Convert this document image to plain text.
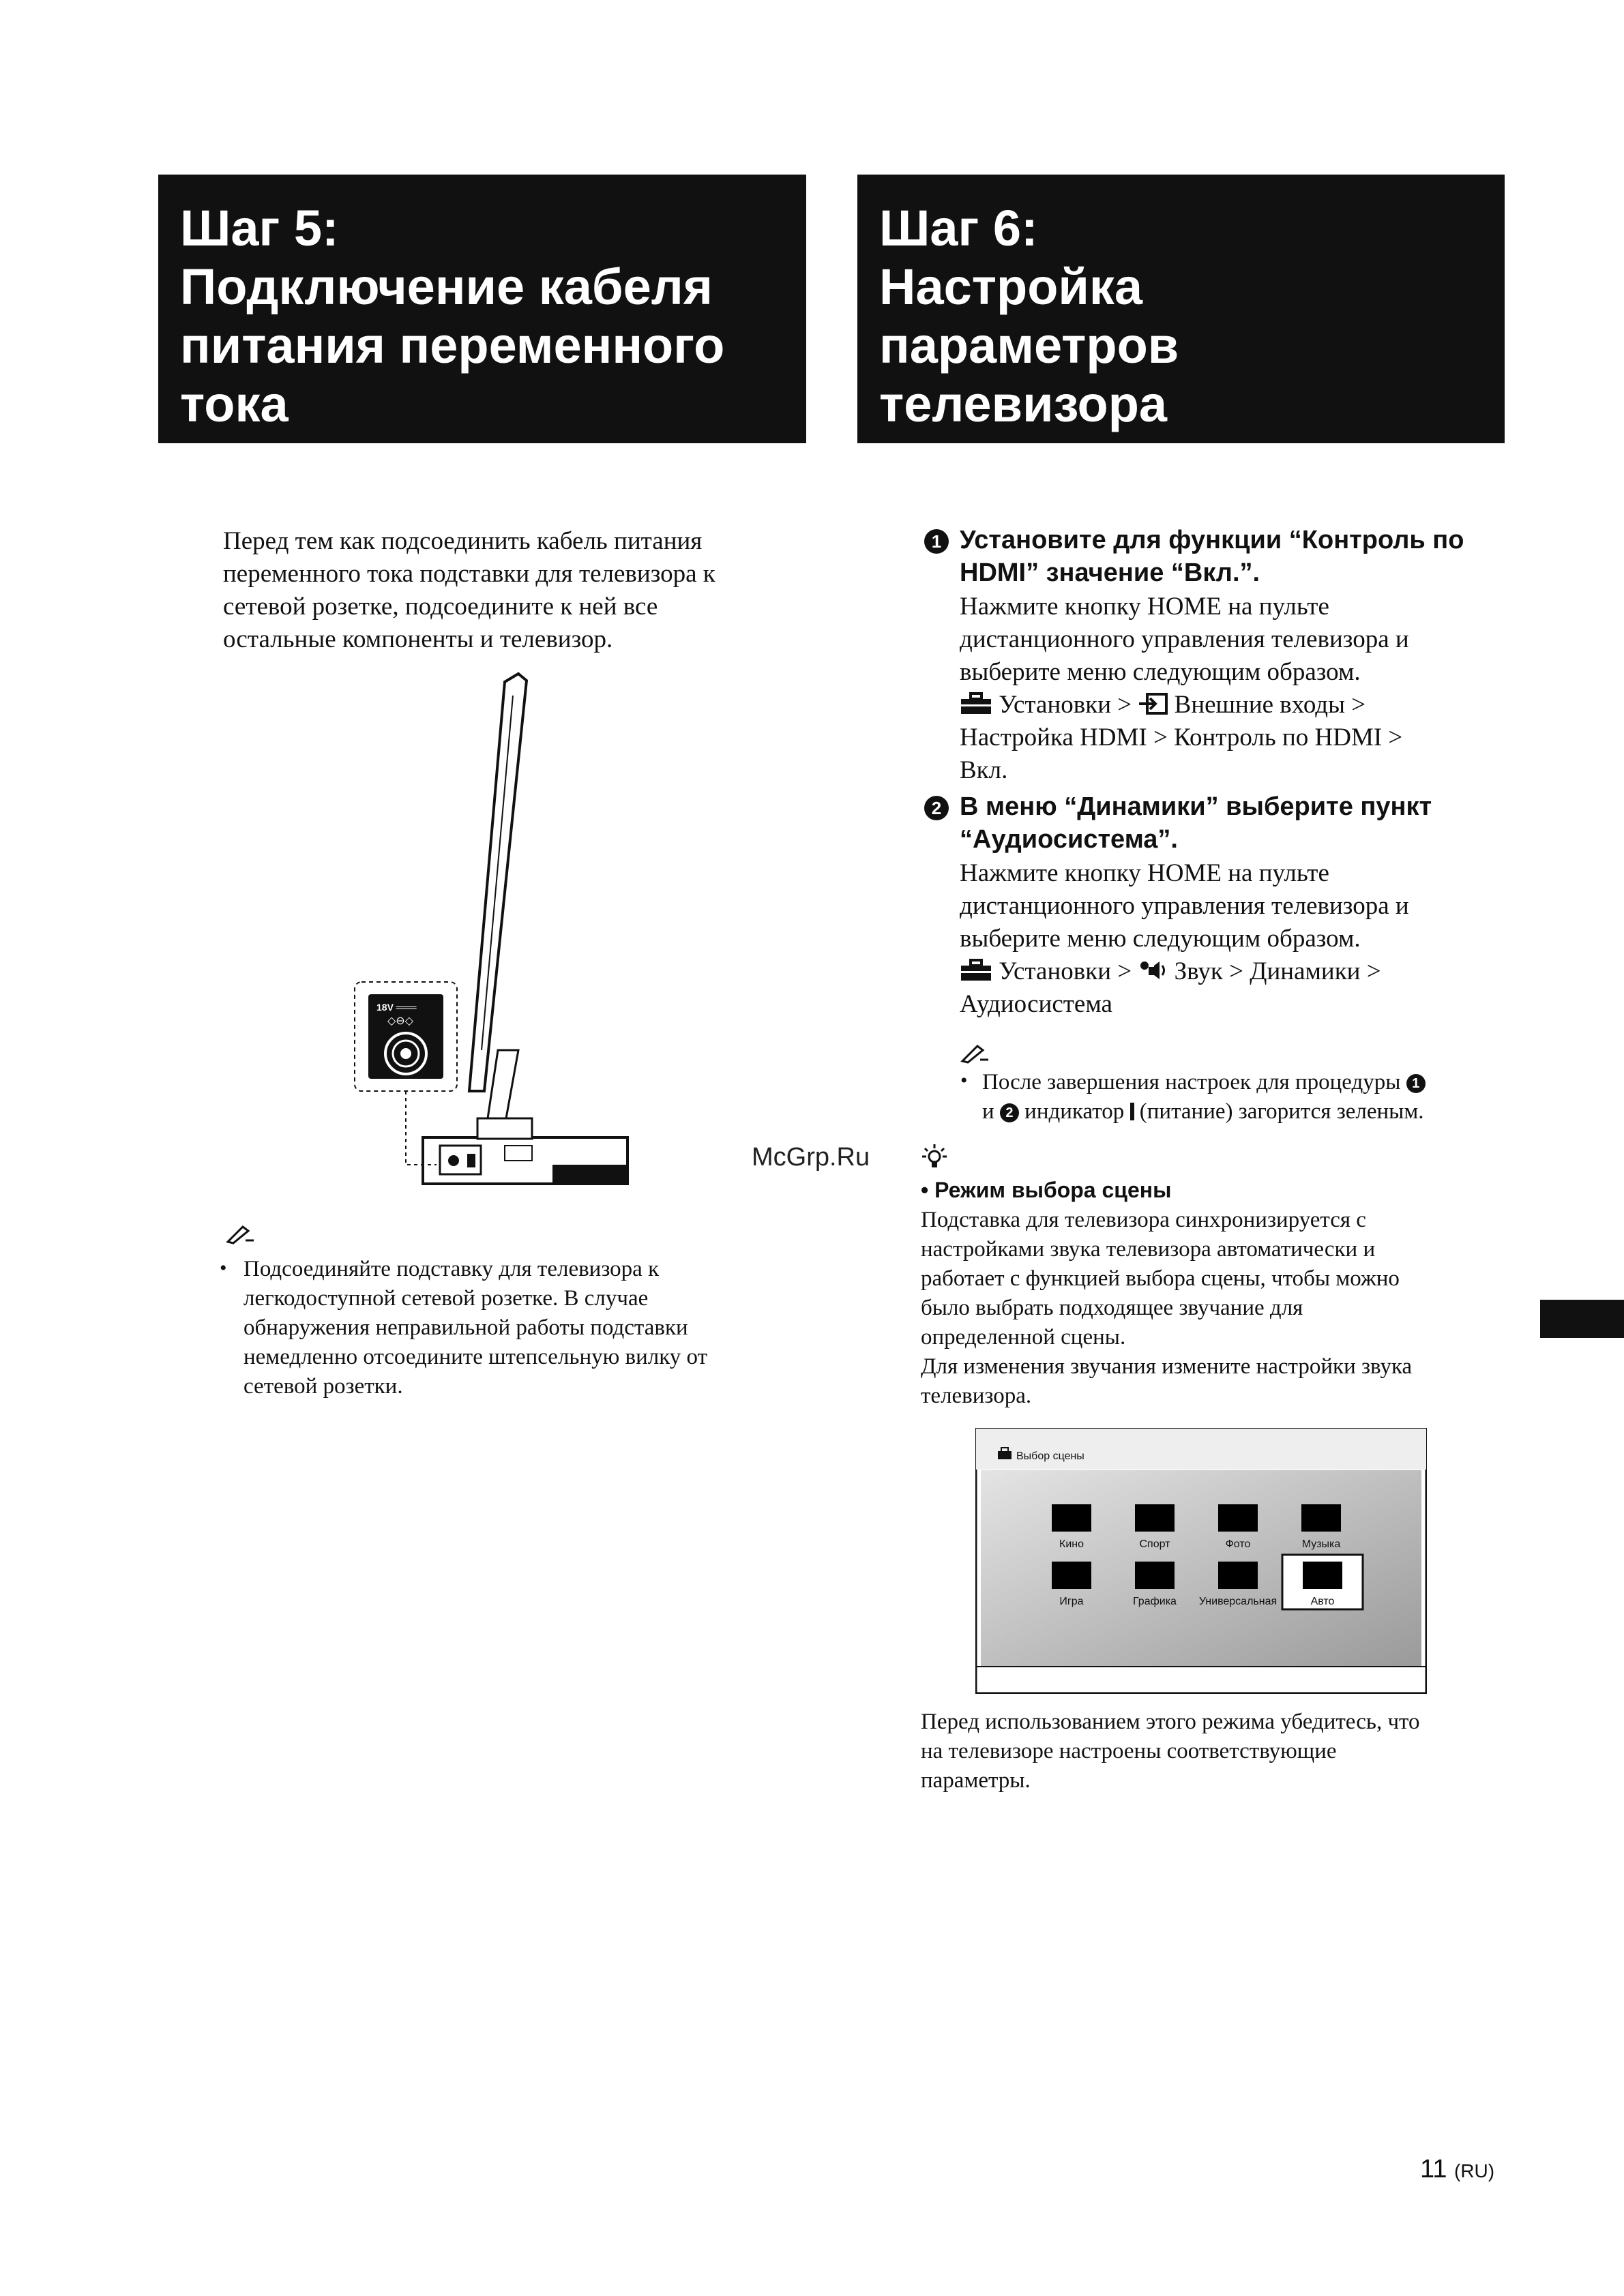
Шаг 5:
Подключение кабеля
питания переменного
тока
Шаг 6:
Настройка
параметров
телевизора
Перед тем как подсоединить кабель питания
переменного тока подставки для телевизора к
сетевой розетке, подсоедините к ней все
остальные компоненты и телевизор.
18V ═══
◇⊖◇
• Подсоединяйте подставку для телевизора к
легкодоступной сетевой розетке. В случае
обнаружения неправильной работы подставки
немедленно отсоедините штепсельную вилку от
сетевой розетки.
1 Установите для функции “Контроль по
HDMI” значение “Вкл.”.
Нажмите кнопку HOME на пульте
дистанционного управления телевизора и
выберите меню следующим образом.
Установки > Внешние входы >
Настройка HDMI > Контроль по HDMI >
Вкл.
2 В меню “Динамики” выберите пункт
“Аудиосистема”.
Нажмите кнопку HOME на пульте
дистанционного управления телевизора и
выберите меню следующим образом.
Установки > Звук > Динамики >
Аудиосистема
• После завершения настроек для процедуры 1
и 2 индикатор (питание) загорится зеленым.
McGrp.Ru
• Режим выбора сцены
Подставка для телевизора синхронизируется с
настройками звука телевизора автоматически и
работает с функцией выбора сцены, чтобы можно
было выбрать подходящее звучание для
определенной сцены.
Для изменения звучания измените настройки звука
телевизора.
Выбор сцены
Кино	Спорт	Фото	Музыка
Игра	Графика Универсальная	Авто
Перед использованием этого режима убедитесь, что
на телевизоре настроены соответствующие
параметры.
11 (RU)
